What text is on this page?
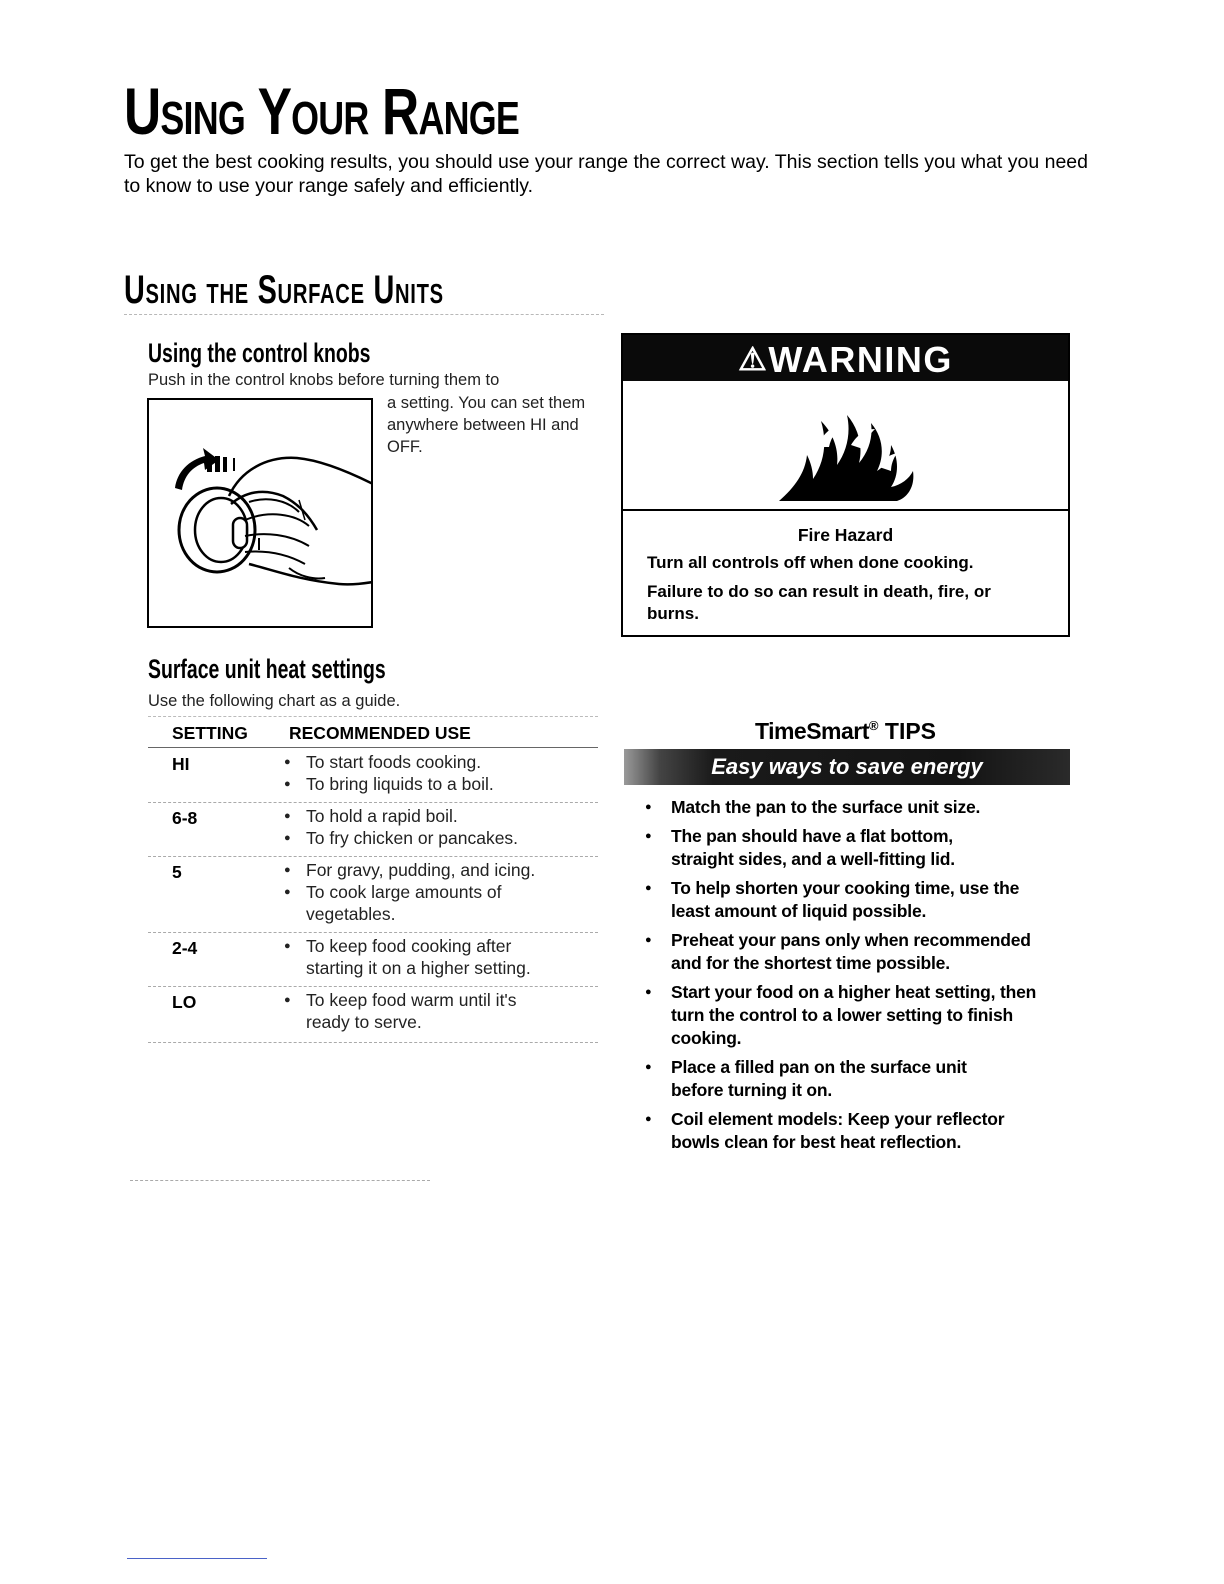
Using Your Range

To get the best cooking results, you should use your range the correct way. This section tells you what you need to know to use your range safely and efficiently.

Using the Surface Units
Using the control knobs

Push in the control knobs before turning them to

a setting. You can set them anywhere between HI and OFF.

Surface unit heat settings

Use the following chart as a guide.

SETTING RECOMMENDED USE
HI	● To start foods cooking.
● To bring liquids to a boil.
6-8	● To hold a rapid boil.
● To fry chicken or pancakes.
5	● For gravy, pudding, and icing.
● To cook large amounts of vegetables.
2-4	● To keep food cooking after starting it on a higher setting.
LO	● To keep food warm until it's ready to serve.
⚠WARNING
Fire Hazard
Turn all controls off when done cooking.
Failure to do so can result in death, fire, or burns.
TimeSmart® TIPS
Easy ways to save energy
● Match the pan to the surface unit size.
● The pan should have a flat bottom, straight sides, and a well-fitting lid.
● To help shorten your cooking time, use the least amount of liquid possible.
● Preheat your pans only when recommended and for the shortest time possible.
● Start your food on a higher heat setting, then turn the control to a lower setting to finish cooking.
● Place a filled pan on the surface unit before turning it on.
● Coil element models: Keep your reflector bowls clean for best heat reflection.
